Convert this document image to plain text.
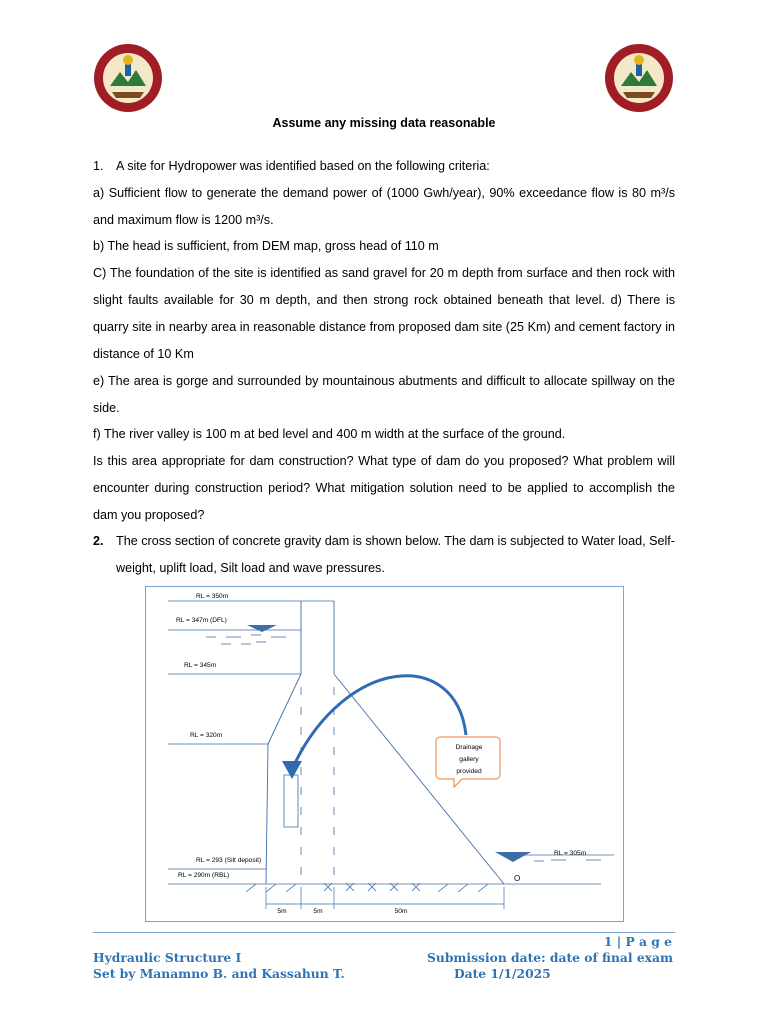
Assume any missing data reasonable
1. A site for Hydropower was identified based on the following criteria:
a) Sufficient flow to generate the demand power of (1000 Gwh/year), 90% exceedance flow is 80 m³/s and maximum flow is 1200 m³/s.
b) The head is sufficient, from DEM map, gross head of 110 m
C) The foundation of the site is identified as sand gravel for 20 m depth from surface and then rock with slight faults available for 30 m depth, and then strong rock obtained beneath that level. d) There is quarry site in nearby area in reasonable distance from proposed dam site (25 Km) and cement factory in distance of 10 Km
e) The area is gorge and surrounded by mountainous abutments and difficult to allocate spillway on the side.
f) The river valley is 100 m at bed level and 400 m width at the surface of the ground.
Is this area appropriate for dam construction? What type of dam do you proposed? What problem will encounter during construction period? What mitigation solution need to be applied to accomplish the dam you proposed?
2. The cross section of concrete gravity dam is shown below. The dam is subjected to Water load, Self-weight, uplift load, Silt load and wave pressures.
Drainage
gallery
provided
5m	5m	50m
RL = 350m
RL = 347m (DFL)
RL = 345m
RL = 320m
RL = 293 (Silt deposit)
RL = 290m (RBL)
RL = 305m
O
1 | P a g e
Hydraulic Structure I	Submission date: date of final exam
Set by Manamno B. and Kassahun T.	Date 1/1/2025
